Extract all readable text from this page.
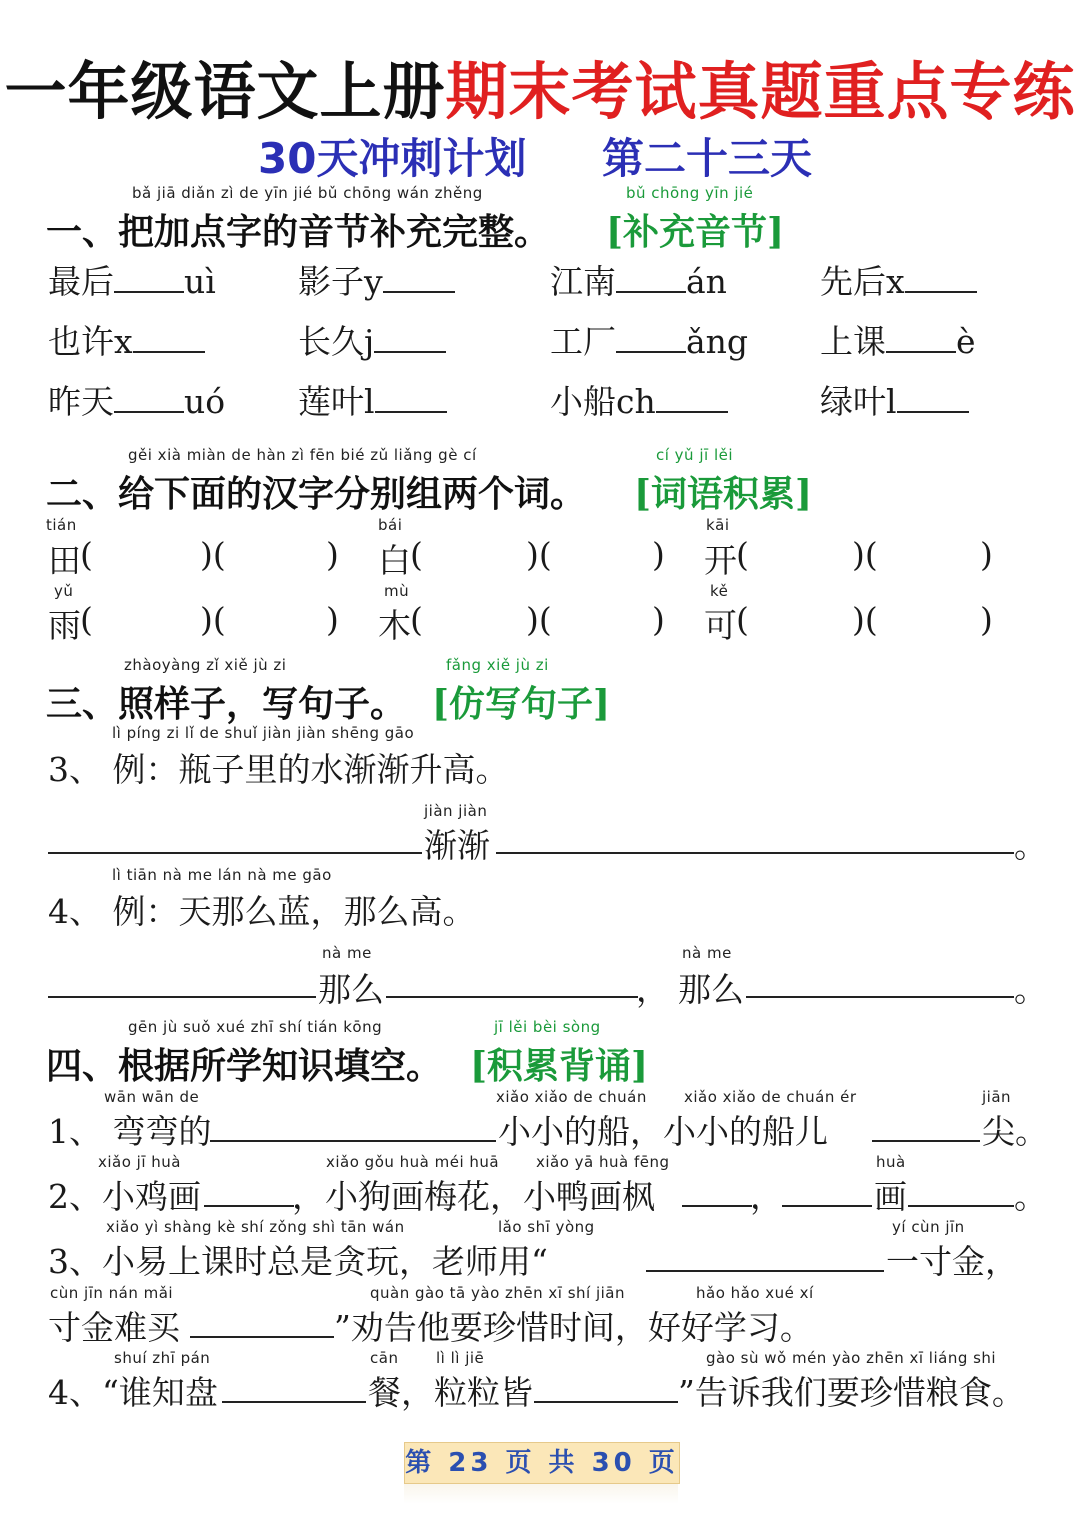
一年级语文上册期末考试真题重点专练
30天冲刺计划 第二十三天
bǎ jiā diǎn zì de yīn jié bǔ chōng wán zhěng	bǔ chōng yīn jié
一、把加点字的音节补充完整。 [补充音节]
最后 uì 影子y	江南 án	先后x
也许x	长久j	工厂 ǎng 上课 è
昨天 uó 莲叶l	小船ch	绿叶l
gěi xià miàn de hàn zì fēn bié zǔ liǎng gè cí	cí yǔ jī lěi
二、给下面的汉字分别组两个词。 [词语积累]
tián	bái	kāi
田 (	)(	) 白 (	)(	) 开 (	)(	)
yǔ	mù	kě
雨 (	)(	) 木 (	)(	) 可 (	)(	)
zhàoyàng zǐ xiě jù zi	fǎng xiě jù zi
三、照样子，写句子。 [仿写句子]
lì píng zi lǐ de shuǐ jiàn jiàn shēng gāo
3、 例：瓶子里的水渐渐升高。
jiàn jiàn
渐渐	。
lì tiān nà me lán nà me gāo
4、 例：天那么蓝，那么高。
nà me	nà me
那么	， 那么	。
gēn jù suǒ xué zhī shí tián kōng	jī lěi bèi sòng
四、根据所学知识填空。 [积累背诵]
wān wān de	xiǎo xiǎo de chuán xiǎo xiǎo de chuán ér	jiān
1、 弯弯的	小小的船，小小的船儿	尖。
xiǎo jī huà	xiǎo gǒu huà méi huā xiǎo yā huà fēng	huà
2、小鸡画	，小狗画梅花，小鸭画枫	，	画	。
xiǎo yì shàng kè shí zǒng shì tān wán	lǎo shī yòng	yí cùn jīn
3、小易上课时总是贪玩，老师用“	一寸金，
cùn jīn nán mǎi	quàn gào tā yào zhēn xī shí jiān	hǎo hǎo xué xí
寸金难买	”劝告他要珍惜时间，好好学习。
shuí zhī pán	cān	lì lì jiē	gào sù wǒ mén yào zhēn xī liáng shi
4、“谁知盘	餐，粒粒皆	”告诉我们要珍惜粮食。
第 23 页 共 30 页
